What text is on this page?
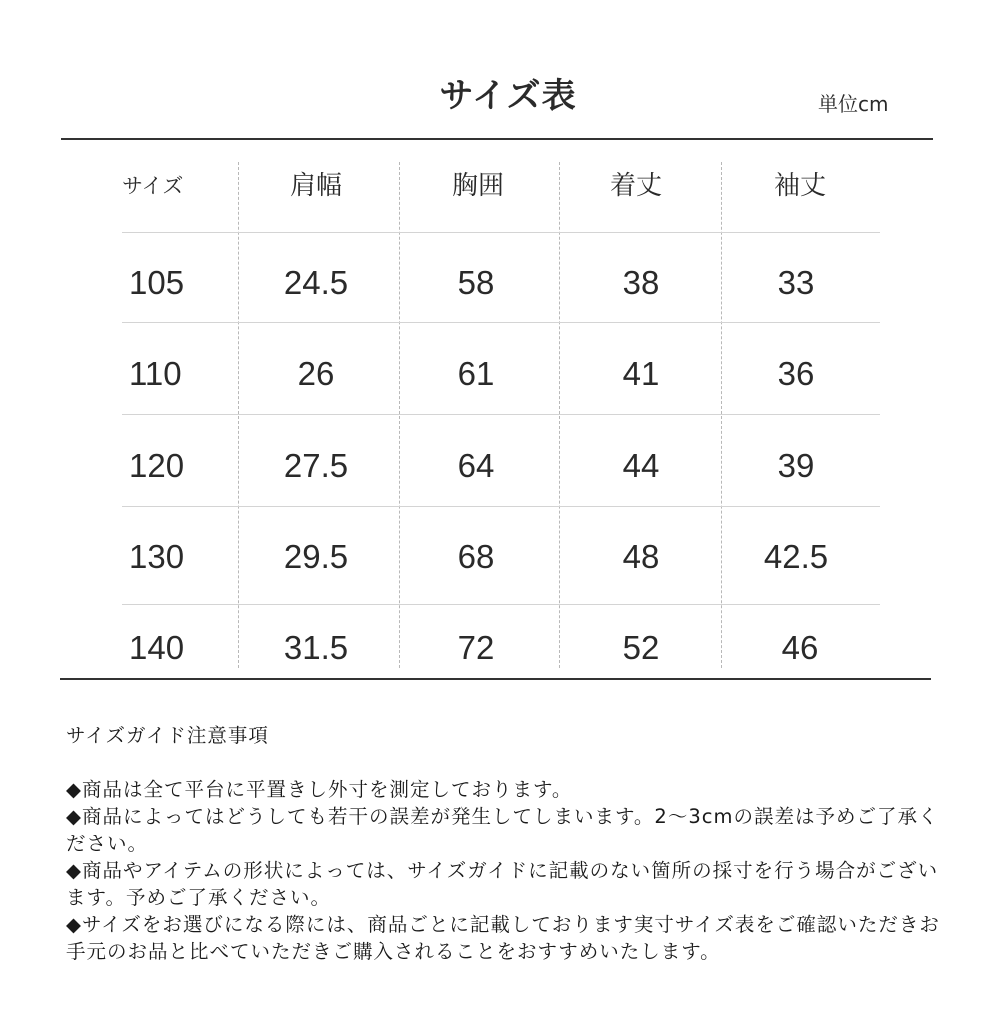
サイズ表	単位cm
サイズ	肩幅	胸囲	着丈	袖丈
105	24.5	58	38	33
110	26	61	41	36
120	27.5	64	44	39
130	29.5	68	48	42.5
140	31.5	72	52	46
サイズガイド注意事項

◆商品は全て平台に平置きし外寸を測定しております。

◆商品によってはどうしても若干の誤差が発生してしまいます。2〜3cmの誤差は予めご了承ください。

◆商品やアイテムの形状によっては、サイズガイドに記載のない箇所の採寸を行う場合がございます。予めご了承ください。

◆サイズをお選びになる際には、商品ごとに記載しております実寸サイズ表をご確認いただきお手元のお品と比べていただきご購入されることをおすすめいたします。
